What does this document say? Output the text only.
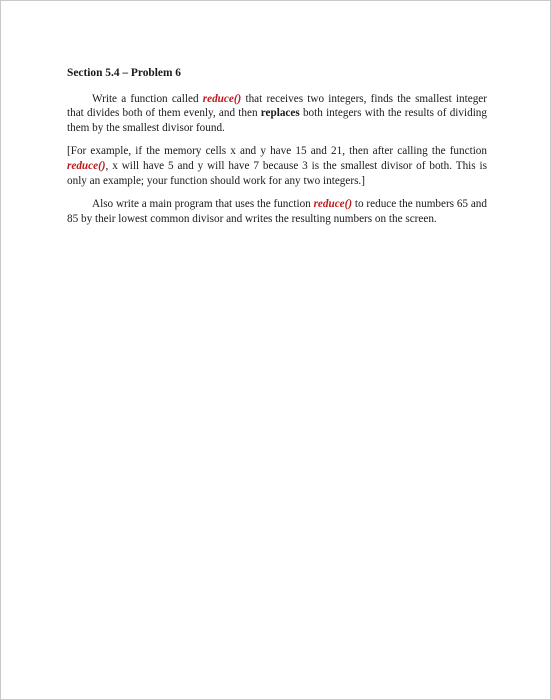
Section 5.4 – Problem 6

Write a function called reduce() that receives two integers, finds the smallest integer that divides both of them evenly, and then replaces both integers with the results of dividing them by the smallest divisor found.

[For example, if the memory cells x and y have 15 and 21, then after calling the function reduce(), x will have 5 and y will have 7 because 3 is the smallest divisor of both. This is only an example; your function should work for any two integers.]

Also write a main program that uses the function reduce() to reduce the numbers 65 and 85 by their lowest common divisor and writes the resulting numbers on the screen.
